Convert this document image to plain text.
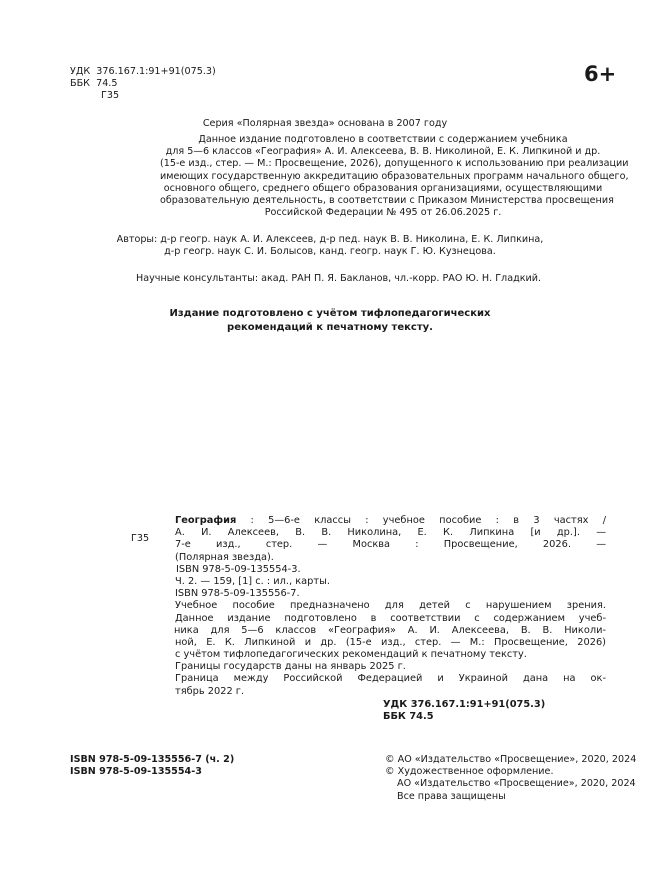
УДК 376.167.1:91+91(075.3)
ББК 74.5
Г35
6+
Серия «Полярная звезда» основана в 2007 году
Данное издание подготовлено в соответствии с содержанием учебника
для 5—6 классов «География» А. И. Алексеева, В. В. Николиной, Е. К. Липкиной и др.
(15-е изд., стер. — М.: Просвещение, 2026), допущенного к использованию при реализации
имеющих государственную аккредитацию образовательных программ начального общего,
основного общего, среднего общего образования организациями, осуществляющими
образовательную деятельность, в соответствии с Приказом Министерства просвещения
Российской Федерации № 495 от 26.06.2025 г.
Авторы: д-р геогр. наук А. И. Алексеев, д-р пед. наук В. В. Николина, Е. К. Липкина,
д-р геогр. наук С. И. Болысов, канд. геогр. наук Г. Ю. Кузнецова.
Научные консультанты: акад. РАН П. Я. Бакланов, чл.-корр. РАО Ю. Н. Гладкий.
Издание подготовлено с учётом тифлопедагогических
рекомендаций к печатному тексту.
Г35
География : 5—6-е классы : учебное пособие : в 3 частях /
А. И. Алексеев, В. В. Николина, Е. К. Липкина [и др.]. —
7-е изд., стер. — Москва : Просвещение, 2026. —
(Полярная звезда).
ISBN 978-5-09-135554-3.
Ч. 2. — 159, [1] с. : ил., карты.
ISBN 978-5-09-135556-7.
Учебное пособие предназначено для детей с нарушением зрения.
Данное издание подготовлено в соответствии с содержанием учеб-
ника для 5—6 классов «География» А. И. Алексеева, В. В. Николи-
ной, Е. К. Липкиной и др. (15-е изд., стер. — М.: Просвещение, 2026)
с учётом тифлопедагогических рекомендаций к печатному тексту.
Границы государств даны на январь 2025 г.
Граница между Российской Федерацией и Украиной дана на ок-
тябрь 2022 г.
УДК 376.167.1:91+91(075.3)
ББК 74.5
ISBN 978-5-09-135556-7 (ч. 2)
ISBN 978-5-09-135554-3
© АО «Издательство «Просвещение», 2020, 2024
© Художественное оформление.
АО «Издательство «Просвещение», 2020, 2024
Все права защищены
